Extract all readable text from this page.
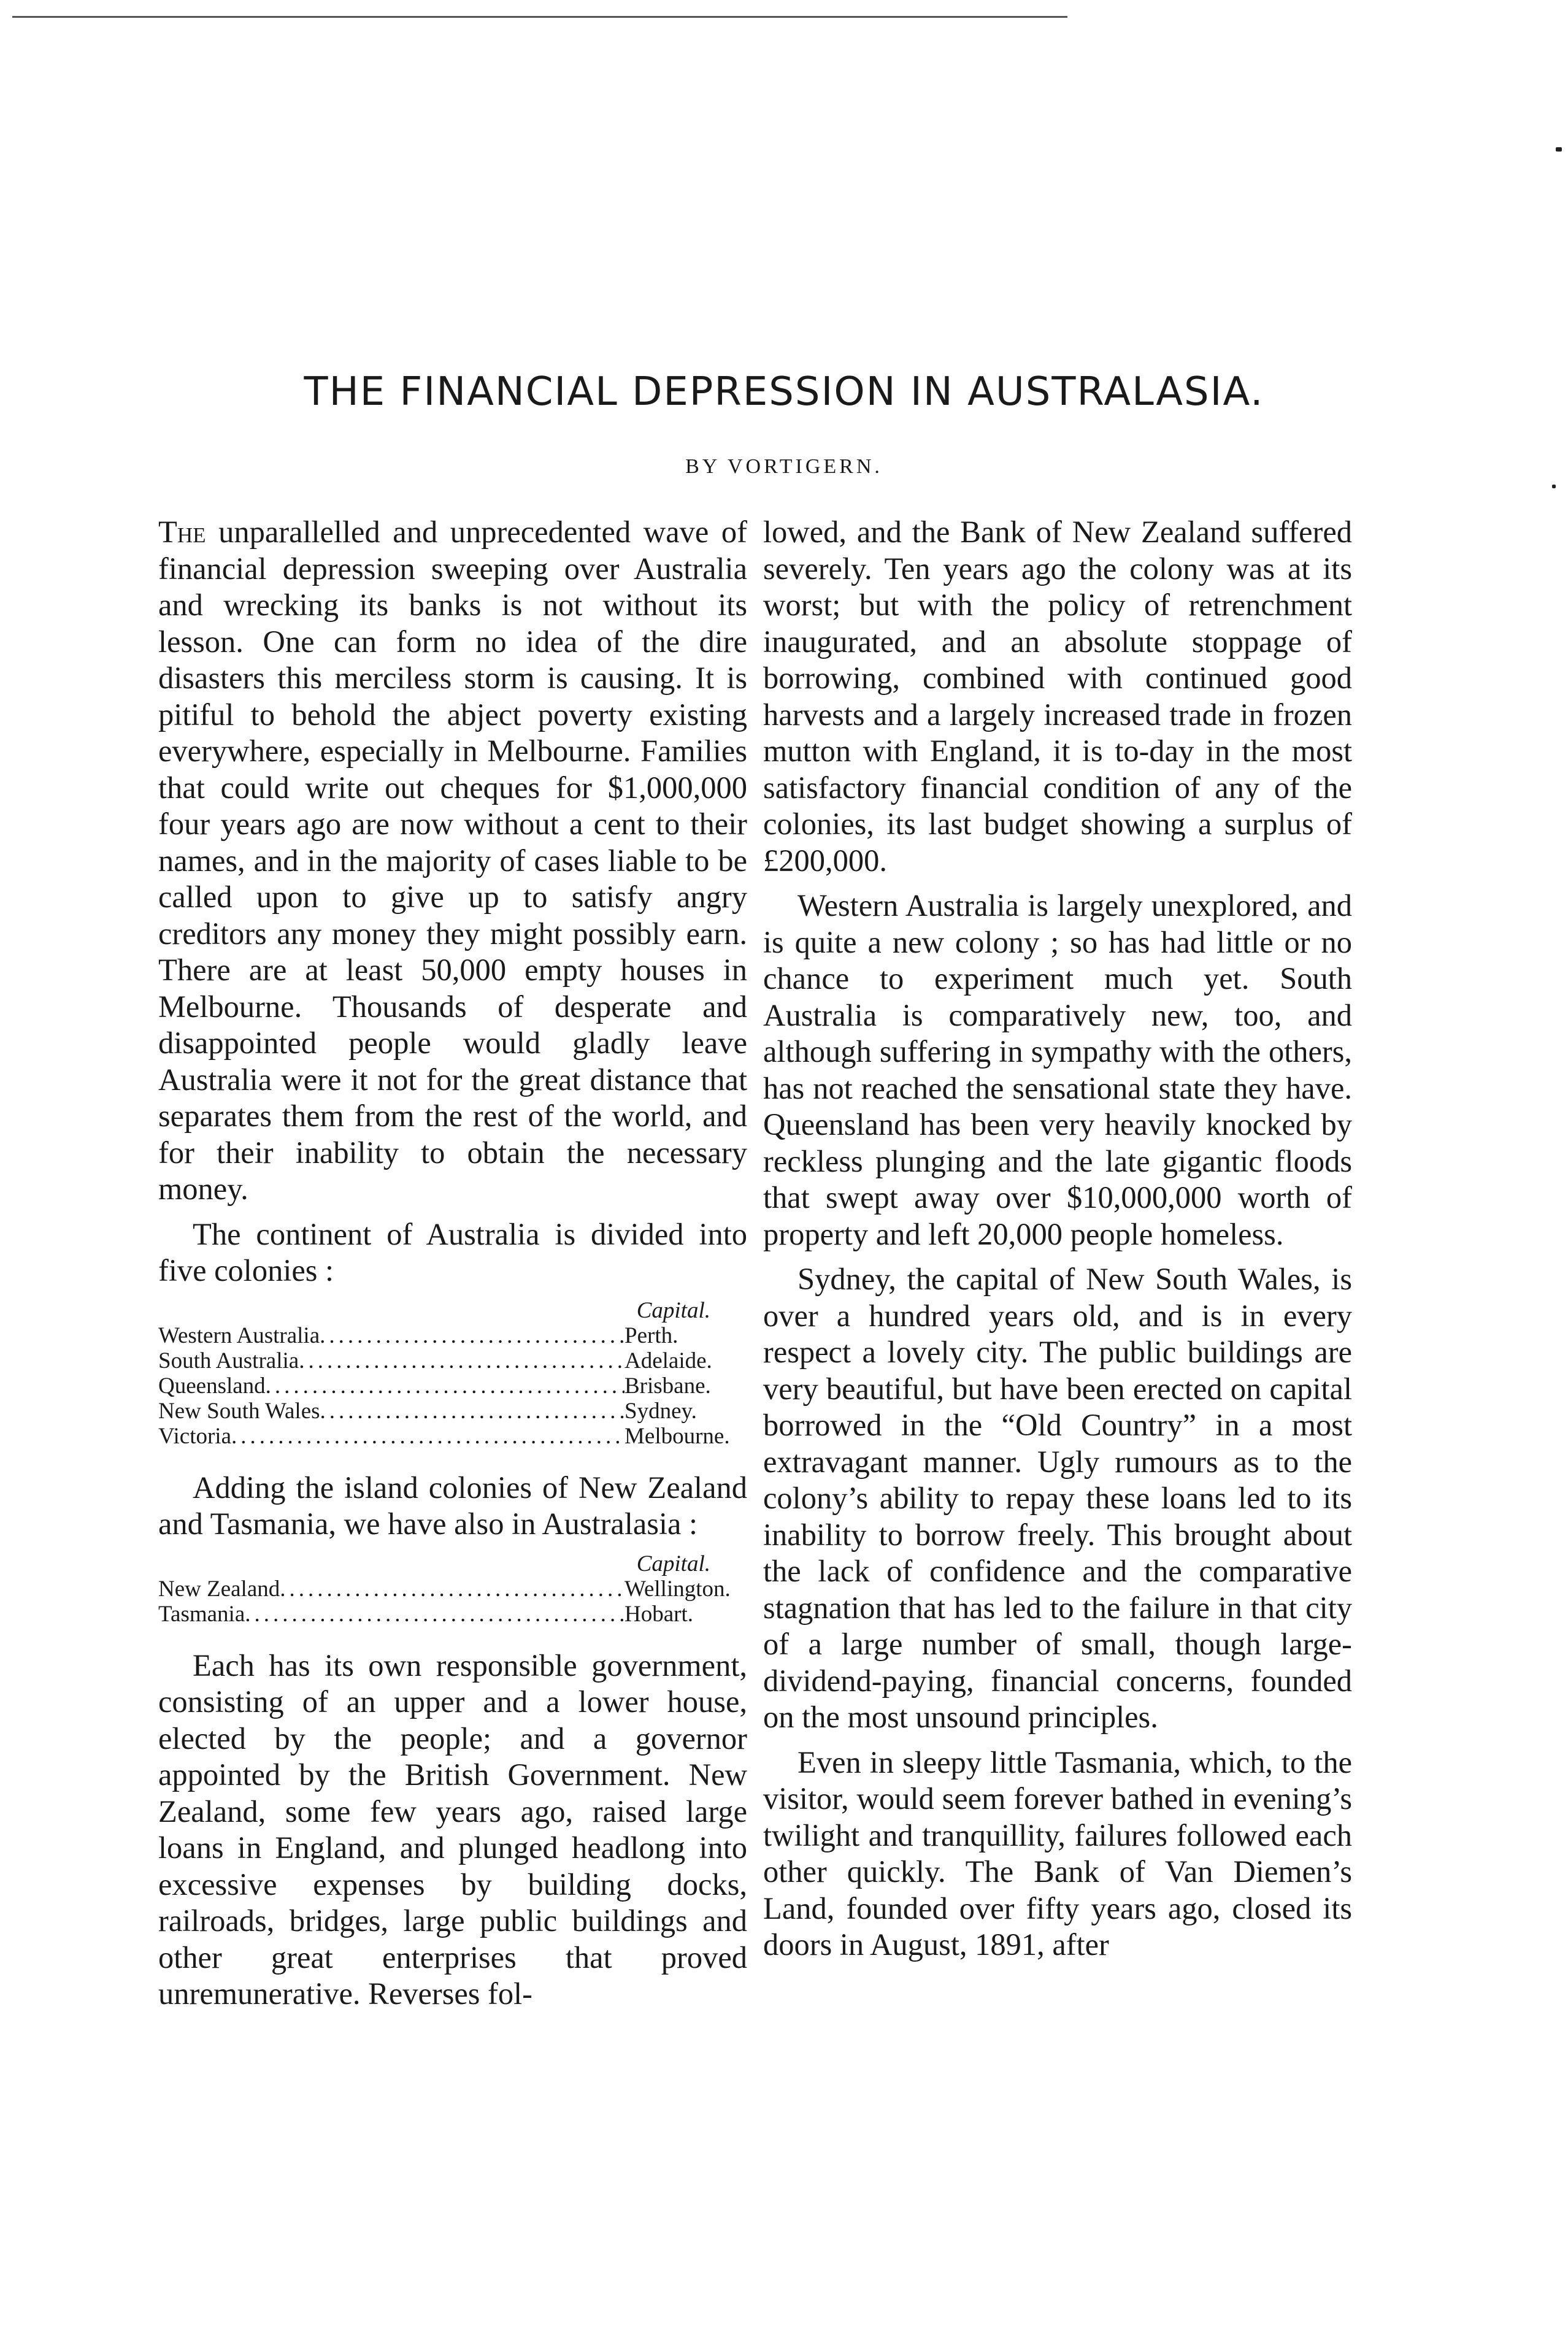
THE FINANCIAL DEPRESSION IN AUSTRALASIA.
BY VORTIGERN.

The unparallelled and unprecedented wave of financial depression sweeping over Australia and wrecking its banks is not without its lesson. One can form no idea of the dire disasters this merciless storm is causing. It is pitiful to behold the abject poverty existing everywhere, especially in Melbourne. Families that could write out cheques for $1,000,000 four years ago are now without a cent to their names, and in the majority of cases liable to be called upon to give up to satisfy angry creditors any money they might possibly earn. There are at least 50,000 empty houses in Melbourne. Thousands of desperate and disappointed people would gladly leave Australia were it not for the great distance that separates them from the rest of the world, and for their inability to obtain the necessary money.

The continent of Australia is divided into five colonies :

Capital.
Western Australia .....	Perth.
South Australia .....	Adelaide.
Queensland .....	Brisbane.
New South Wales .....	Sydney.
Victoria .....	Melbourne.

Adding the island colonies of New Zealand and Tasmania, we have also in Australasia :

Capital.
New Zealand .....	Wellington.
Tasmania .....	Hobart.

Each has its own responsible government, consisting of an upper and a lower house, elected by the people; and a governor appointed by the British Government. New Zealand, some few years ago, raised large loans in England, and plunged headlong into excessive expenses by building docks, railroads, bridges, large public buildings and other great enterprises that proved unremunerative. Reverses fol-

lowed, and the Bank of New Zealand suffered severely. Ten years ago the colony was at its worst; but with the policy of retrenchment inaugurated, and an absolute stoppage of borrowing, combined with continued good harvests and a largely increased trade in frozen mutton with England, it is to-day in the most satisfactory financial condition of any of the colonies, its last budget showing a surplus of £200,000.

Western Australia is largely unexplored, and is quite a new colony ; so has had little or no chance to experiment much yet. South Australia is comparatively new, too, and although suffering in sympathy with the others, has not reached the sensational state they have. Queensland has been very heavily knocked by reckless plunging and the late gigantic floods that swept away over $10,000,000 worth of property and left 20,000 people homeless.

Sydney, the capital of New South Wales, is over a hundred years old, and is in every respect a lovely city. The public buildings are very beautiful, but have been erected on capital borrowed in the “Old Country” in a most extravagant manner. Ugly rumours as to the colony’s ability to repay these loans led to its inability to borrow freely. This brought about the lack of confidence and the comparative stagnation that has led to the failure in that city of a large number of small, though large-dividend-paying, financial concerns, founded on the most unsound principles.

Even in sleepy little Tasmania, which, to the visitor, would seem forever bathed in evening’s twilight and tranquillity, failures followed each other quickly. The Bank of Van Diemen’s Land, founded over fifty years ago, closed its doors in August, 1891, after
